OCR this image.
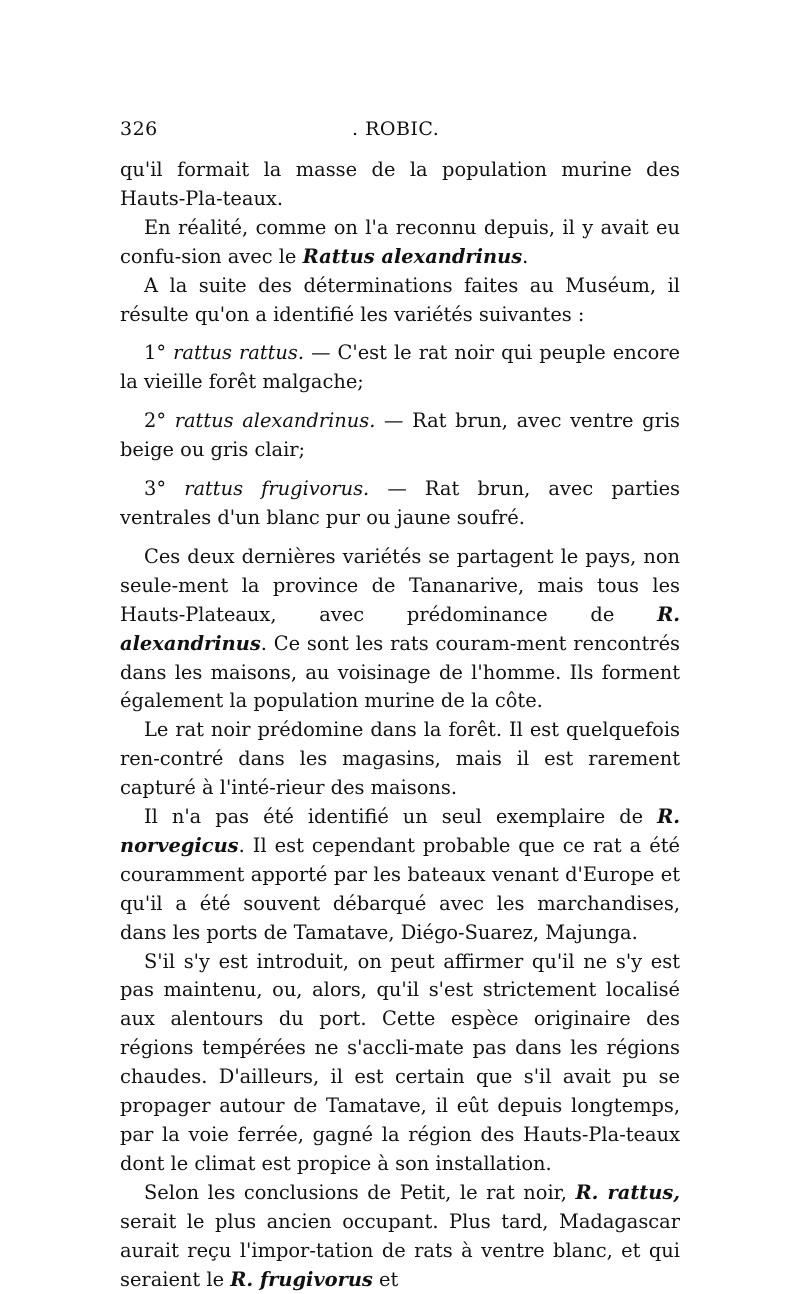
326	. ROBIC.

qu'il formait la masse de la population murine des Hauts-Pla-teaux.

En réalité, comme on l'a reconnu depuis, il y avait eu confu-sion avec le Rattus alexandrinus.

A la suite des déterminations faites au Muséum, il résulte qu'on a identifié les variétés suivantes :

1° rattus rattus. — C'est le rat noir qui peuple encore la vieille forêt malgache;

2° rattus alexandrinus. — Rat brun, avec ventre gris beige ou gris clair;

3° rattus frugivorus. — Rat brun, avec parties ventrales d'un blanc pur ou jaune soufré.

Ces deux dernières variétés se partagent le pays, non seule-ment la province de Tananarive, mais tous les Hauts-Plateaux, avec prédominance de R. alexandrinus. Ce sont les rats couram-ment rencontrés dans les maisons, au voisinage de l'homme. Ils forment également la population murine de la côte.

Le rat noir prédomine dans la forêt. Il est quelquefois ren-contré dans les magasins, mais il est rarement capturé à l'inté-rieur des maisons.

Il n'a pas été identifié un seul exemplaire de R. norvegicus. Il est cependant probable que ce rat a été couramment apporté par les bateaux venant d'Europe et qu'il a été souvent débarqué avec les marchandises, dans les ports de Tamatave, Diégo-Suarez, Majunga.

S'il s'y est introduit, on peut affirmer qu'il ne s'y est pas maintenu, ou, alors, qu'il s'est strictement localisé aux alentours du port. Cette espèce originaire des régions tempérées ne s'accli-mate pas dans les régions chaudes. D'ailleurs, il est certain que s'il avait pu se propager autour de Tamatave, il eût depuis longtemps, par la voie ferrée, gagné la région des Hauts-Pla-teaux dont le climat est propice à son installation.

Selon les conclusions de Petit, le rat noir, R. rattus, serait le plus ancien occupant. Plus tard, Madagascar aurait reçu l'impor-tation de rats à ventre blanc, et qui seraient le R. frugivorus et
